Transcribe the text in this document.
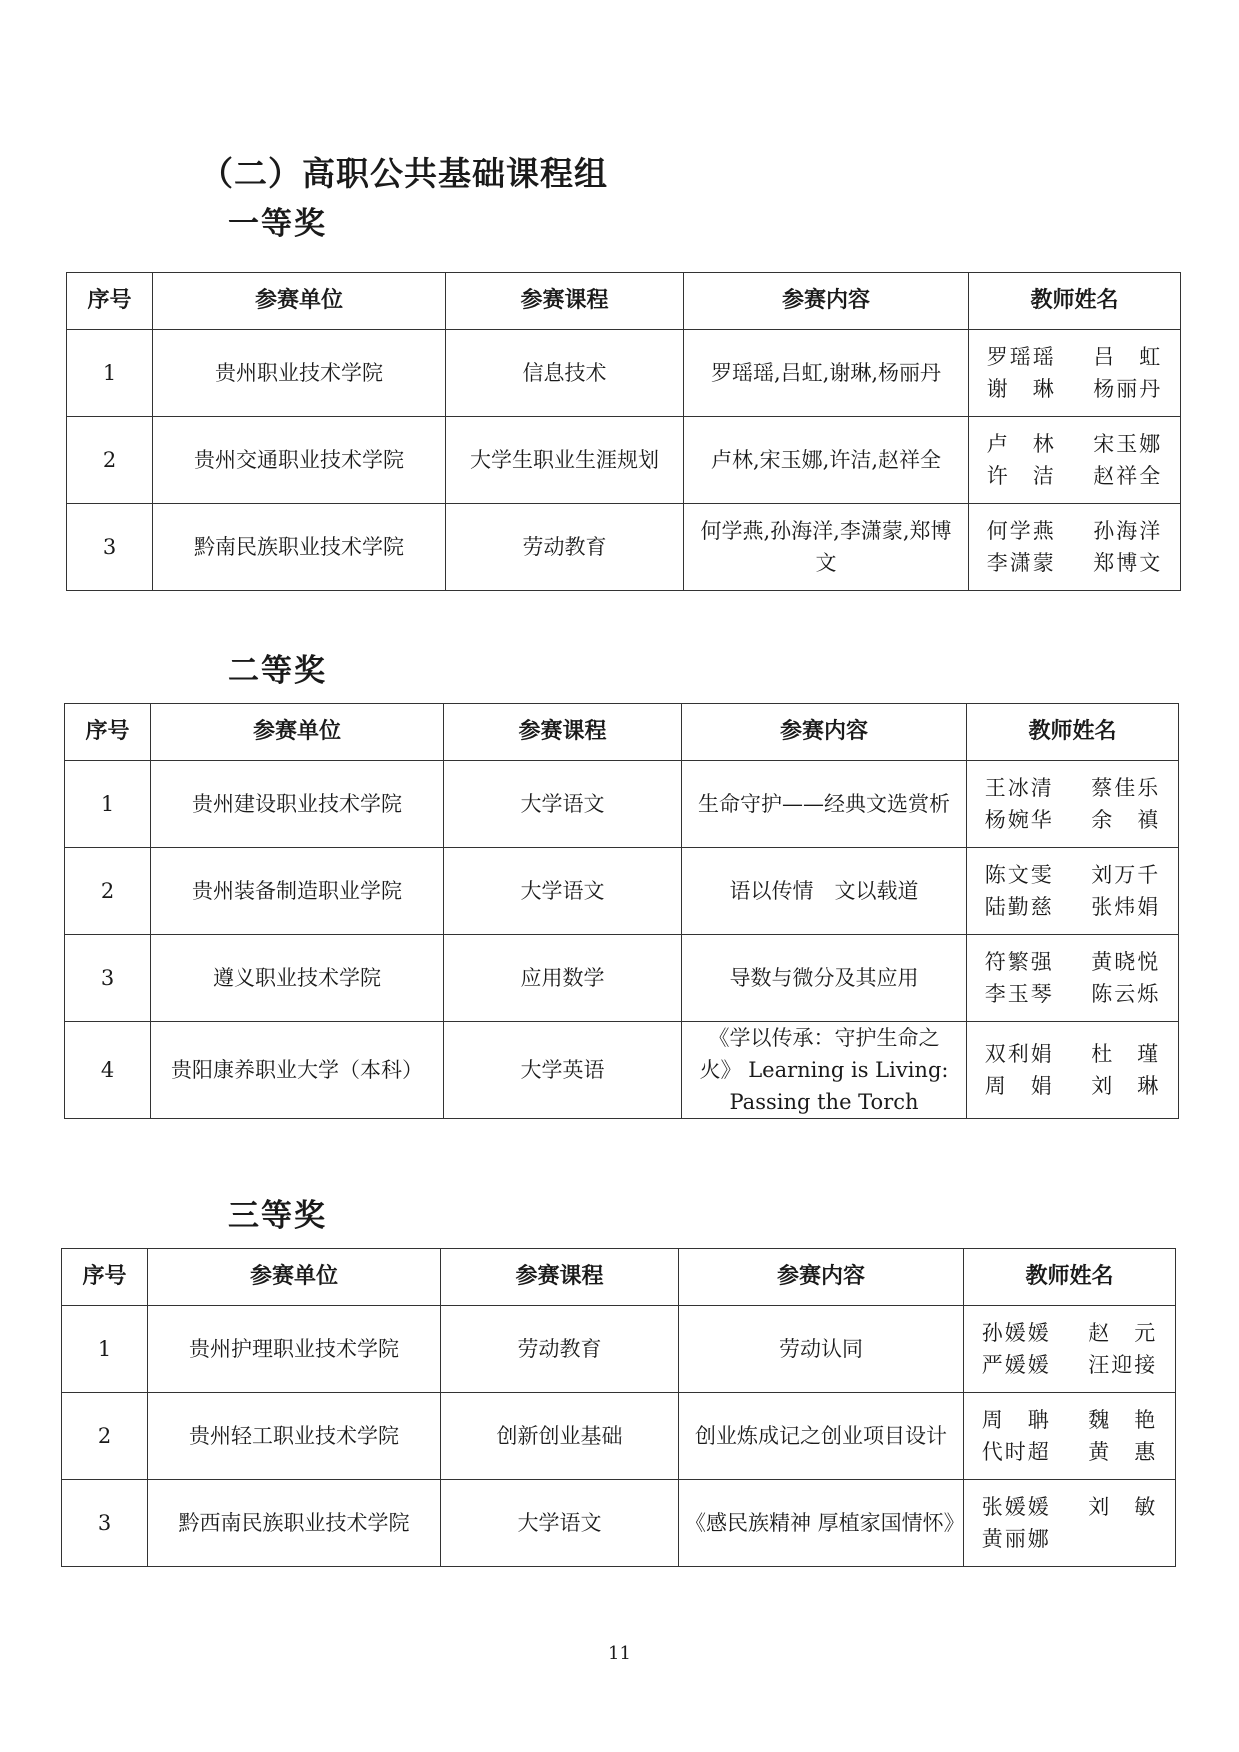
（二）高职公共基础课程组
一等奖
序号	参赛单位	参赛课程	参赛内容	教师姓名
1	贵州职业技术学院	信息技术	罗瑶瑶,吕虹,谢琳,杨丽丹	罗瑶瑶 吕　虹
谢　琳 杨丽丹

2	贵州交通职业技术学院	大学生职业生涯规划	卢林,宋玉娜,许洁,赵祥全	卢　林 宋玉娜
许　洁 赵祥全

3	黔南民族职业技术学院	劳动教育	何学燕,孙海洋,李潇蒙,郑博文	何学燕 孙海洋
李潇蒙 郑博文
二等奖
序号	参赛单位	参赛课程	参赛内容	教师姓名
1	贵州建设职业技术学院	大学语文	生命守护——经典文选赏析	王冰清 蔡佳乐
杨婉华 余　禛

2	贵州装备制造职业学院	大学语文	语以传情　文以载道	陈文雯 刘万千
陆勤慈 张炜娟

3	遵义职业技术学院	应用数学	导数与微分及其应用	符繁强 黄晓悦
李玉琴 陈云烁

4	贵阳康养职业大学（本科）	大学英语	《学以传承：守护生命之火》 Learning is Living: Passing the Torch	双利娟 杜　瑾
周　娟 刘　琳
三等奖
序号	参赛单位	参赛课程	参赛内容	教师姓名
1	贵州护理职业技术学院	劳动教育	劳动认同	孙媛媛 赵　元
严媛媛 汪迎接

2	贵州轻工职业技术学院	创新创业基础	创业炼成记之创业项目设计	周　聃 魏　艳
代时超 黄　惠

3	黔西南民族职业技术学院	大学语文	《感民族精神 厚植家国情怀》	张媛媛 刘　敏
黄丽娜

11
